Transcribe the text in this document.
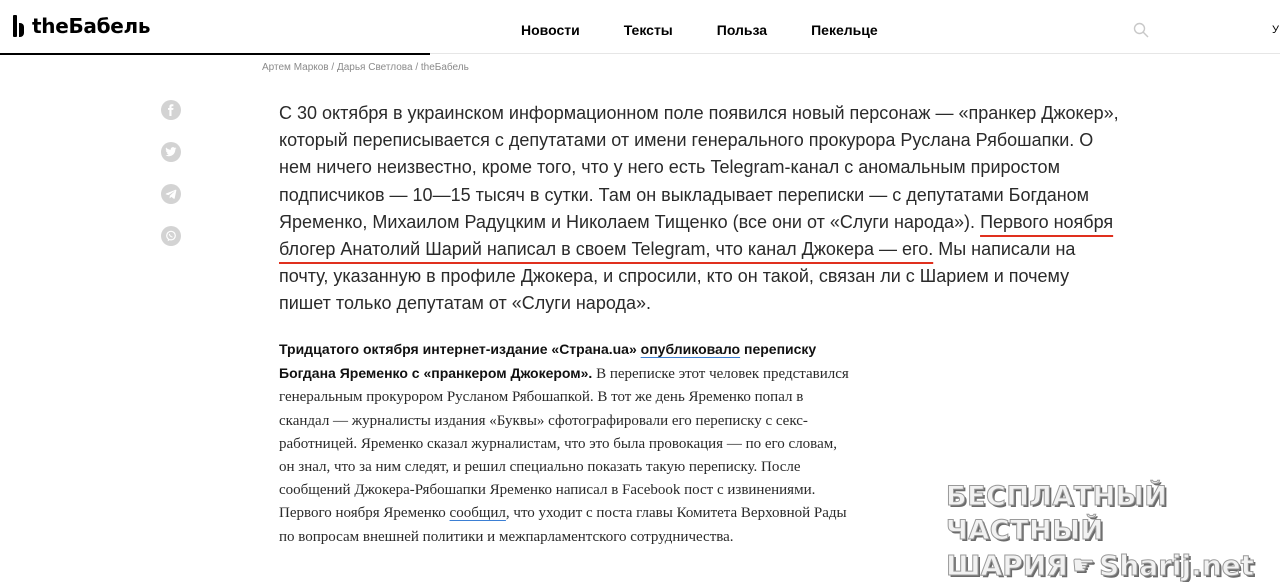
theБабель	Новости	Тексты	Польза	Пекельце	У
Артем Марков / Дарья Светлова / theБабель
С 30 октября в украинском информационном поле появился новый персонаж — «пранкер Джокер», который переписывается с депутатами от имени генерального прокурора Руслана Рябошапки. О нем ничего неизвестно, кроме того, что у него есть Telegram-канал с аномальным приростом подписчиков — 10—15 тысяч в сутки. Там он выкладывает переписки — с депутатами Богданом Яременко, Михаилом Радуцким и Николаем Тищенко (все они от «Слуги народа»). Первого ноября блогер Анатолий Шарий написал в своем Telegram, что канал Джокера — его. Мы написали на почту, указанную в профиле Джокера, и спросили, кто он такой, связан ли с Шарием и почему пишет только депутатам от «Слуги народа».
Тридцатого октября интернет-издание «Страна.ua» опубликовало переписку Богдана Яременко с «пранкером Джокером». В переписке этот человек представился генеральным прокурором Русланом Рябошапкой. В тот же день Яременко попал в скандал — журналисты издания «Буквы» сфотографировали его переписку с секс-работницей. Яременко сказал журналистам, что это была провокация — по его словам, он знал, что за ним следят, и решил специально показать такую переписку. После сообщений Джокера-Рябошапки Яременко написал в Facebook пост с извинениями. Первого ноября Яременко сообщил, что уходит с поста главы Комитета Верховной Рады по вопросам внешней политики и межпарламентского сотрудничества.
БЕСПЛАТНЫЙ ЧАСТНЫЙ
ШАРИЯ ☛ Sharij.net
